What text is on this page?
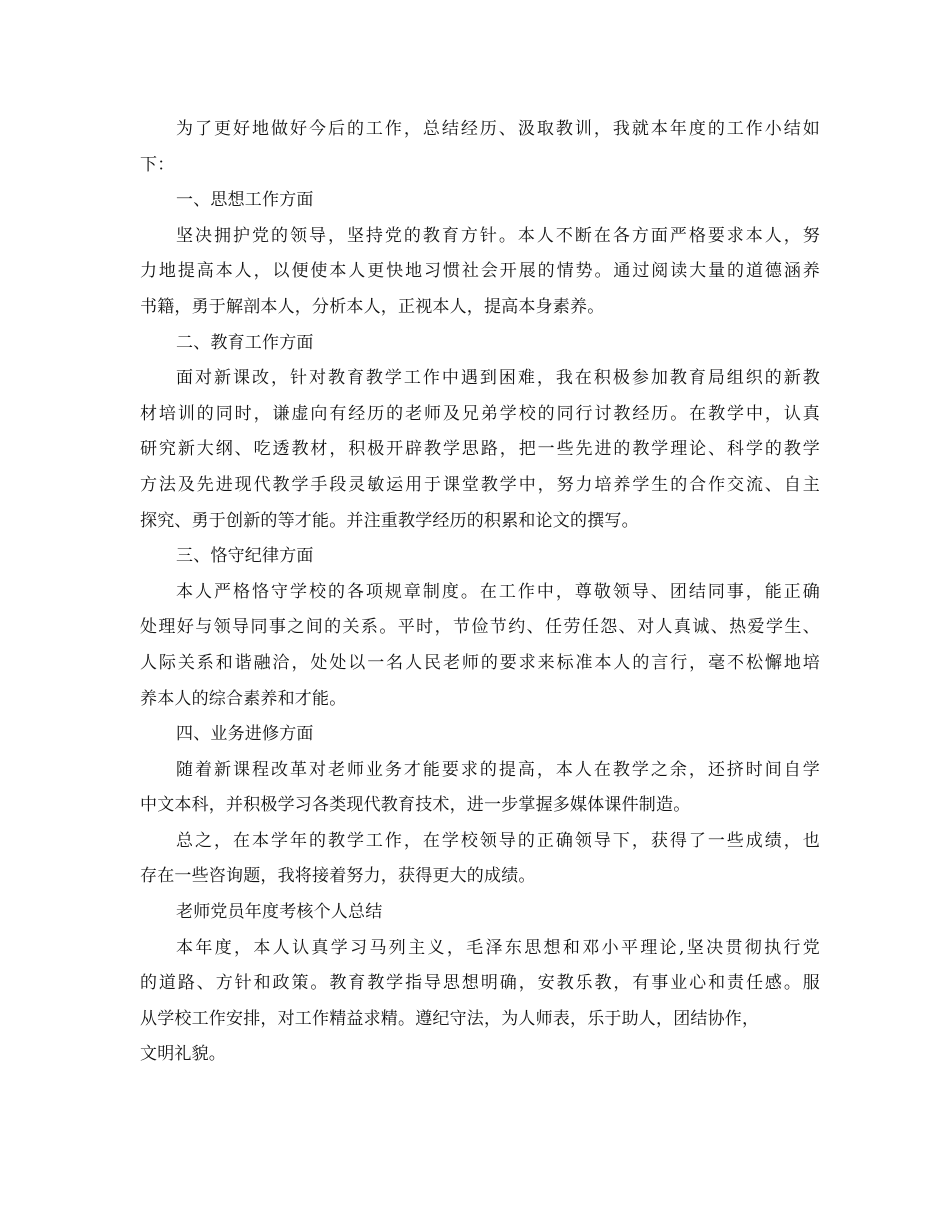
为了更好地做好今后的工作，总结经历、汲取教训，我就本年度的工作小结如
下：
一、思想工作方面
坚决拥护党的领导，坚持党的教育方针。本人不断在各方面严格要求本人，努
力地提高本人，以便使本人更快地习惯社会开展的情势。通过阅读大量的道德涵养
书籍，勇于解剖本人，分析本人，正视本人，提高本身素养。
二、教育工作方面
面对新课改，针对教育教学工作中遇到困难，我在积极参加教育局组织的新教
材培训的同时，谦虚向有经历的老师及兄弟学校的同行讨教经历。在教学中，认真
研究新大纲、吃透教材，积极开辟教学思路，把一些先进的教学理论、科学的教学
方法及先进现代教学手段灵敏运用于课堂教学中，努力培养学生的合作交流、自主
探究、勇于创新的等才能。并注重教学经历的积累和论文的撰写。
三、恪守纪律方面
本人严格恪守学校的各项规章制度。在工作中，尊敬领导、团结同事，能正确
处理好与领导同事之间的关系。平时，节俭节约、任劳任怨、对人真诚、热爱学生、
人际关系和谐融洽，处处以一名人民老师的要求来标准本人的言行，毫不松懈地培
养本人的综合素养和才能。
四、业务进修方面
随着新课程改革对老师业务才能要求的提高，本人在教学之余，还挤时间自学
中文本科，并积极学习各类现代教育技术，进一步掌握多媒体课件制造。
总之，在本学年的教学工作，在学校领导的正确领导下，获得了一些成绩，也
存在一些咨询题，我将接着努力，获得更大的成绩。
老师党员年度考核个人总结
本年度，本人认真学习马列主义，毛泽东思想和邓小平理论,坚决贯彻执行党
的道路、方针和政策。教育教学指导思想明确，安教乐教，有事业心和责任感。服
从学校工作安排，对工作精益求精。遵纪守法，为人师表，乐于助人，团结协作，
文明礼貌。
